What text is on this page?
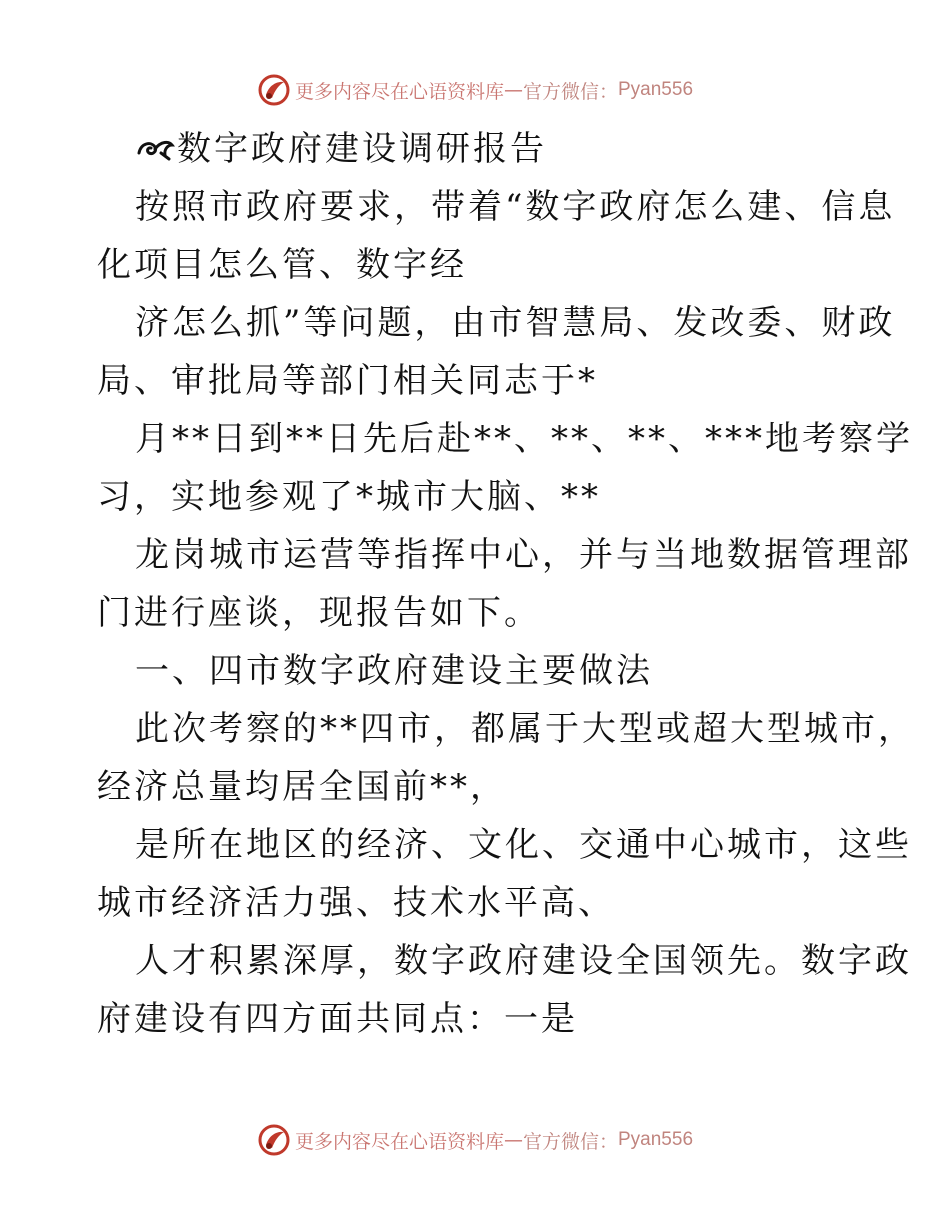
更多内容尽在心语资料库 — 官方微信： Pyan556
数字政府建设调研报告
按照市政府要求，带着“数字政府怎么建、信息
化项目怎么管、数字经
济怎么抓”等问题，由市智慧局、发改委、财政
局、审批局等部门相关同志于*
月**日到**日先后赴**、**、**、***地考察学
习，实地参观了*城市大脑、**
龙岗城市运营等指挥中心，并与当地数据管理部
门进行座谈，现报告如下。
一、四市数字政府建设主要做法
此次考察的**四市，都属于大型或超大型城市，
经济总量均居全国前**，
是所在地区的经济、文化、交通中心城市，这些
城市经济活力强、技术水平高、
人才积累深厚，数字政府建设全国领先。数字政
府建设有四方面共同点：一是
更多内容尽在心语资料库 — 官方微信： Pyan556
